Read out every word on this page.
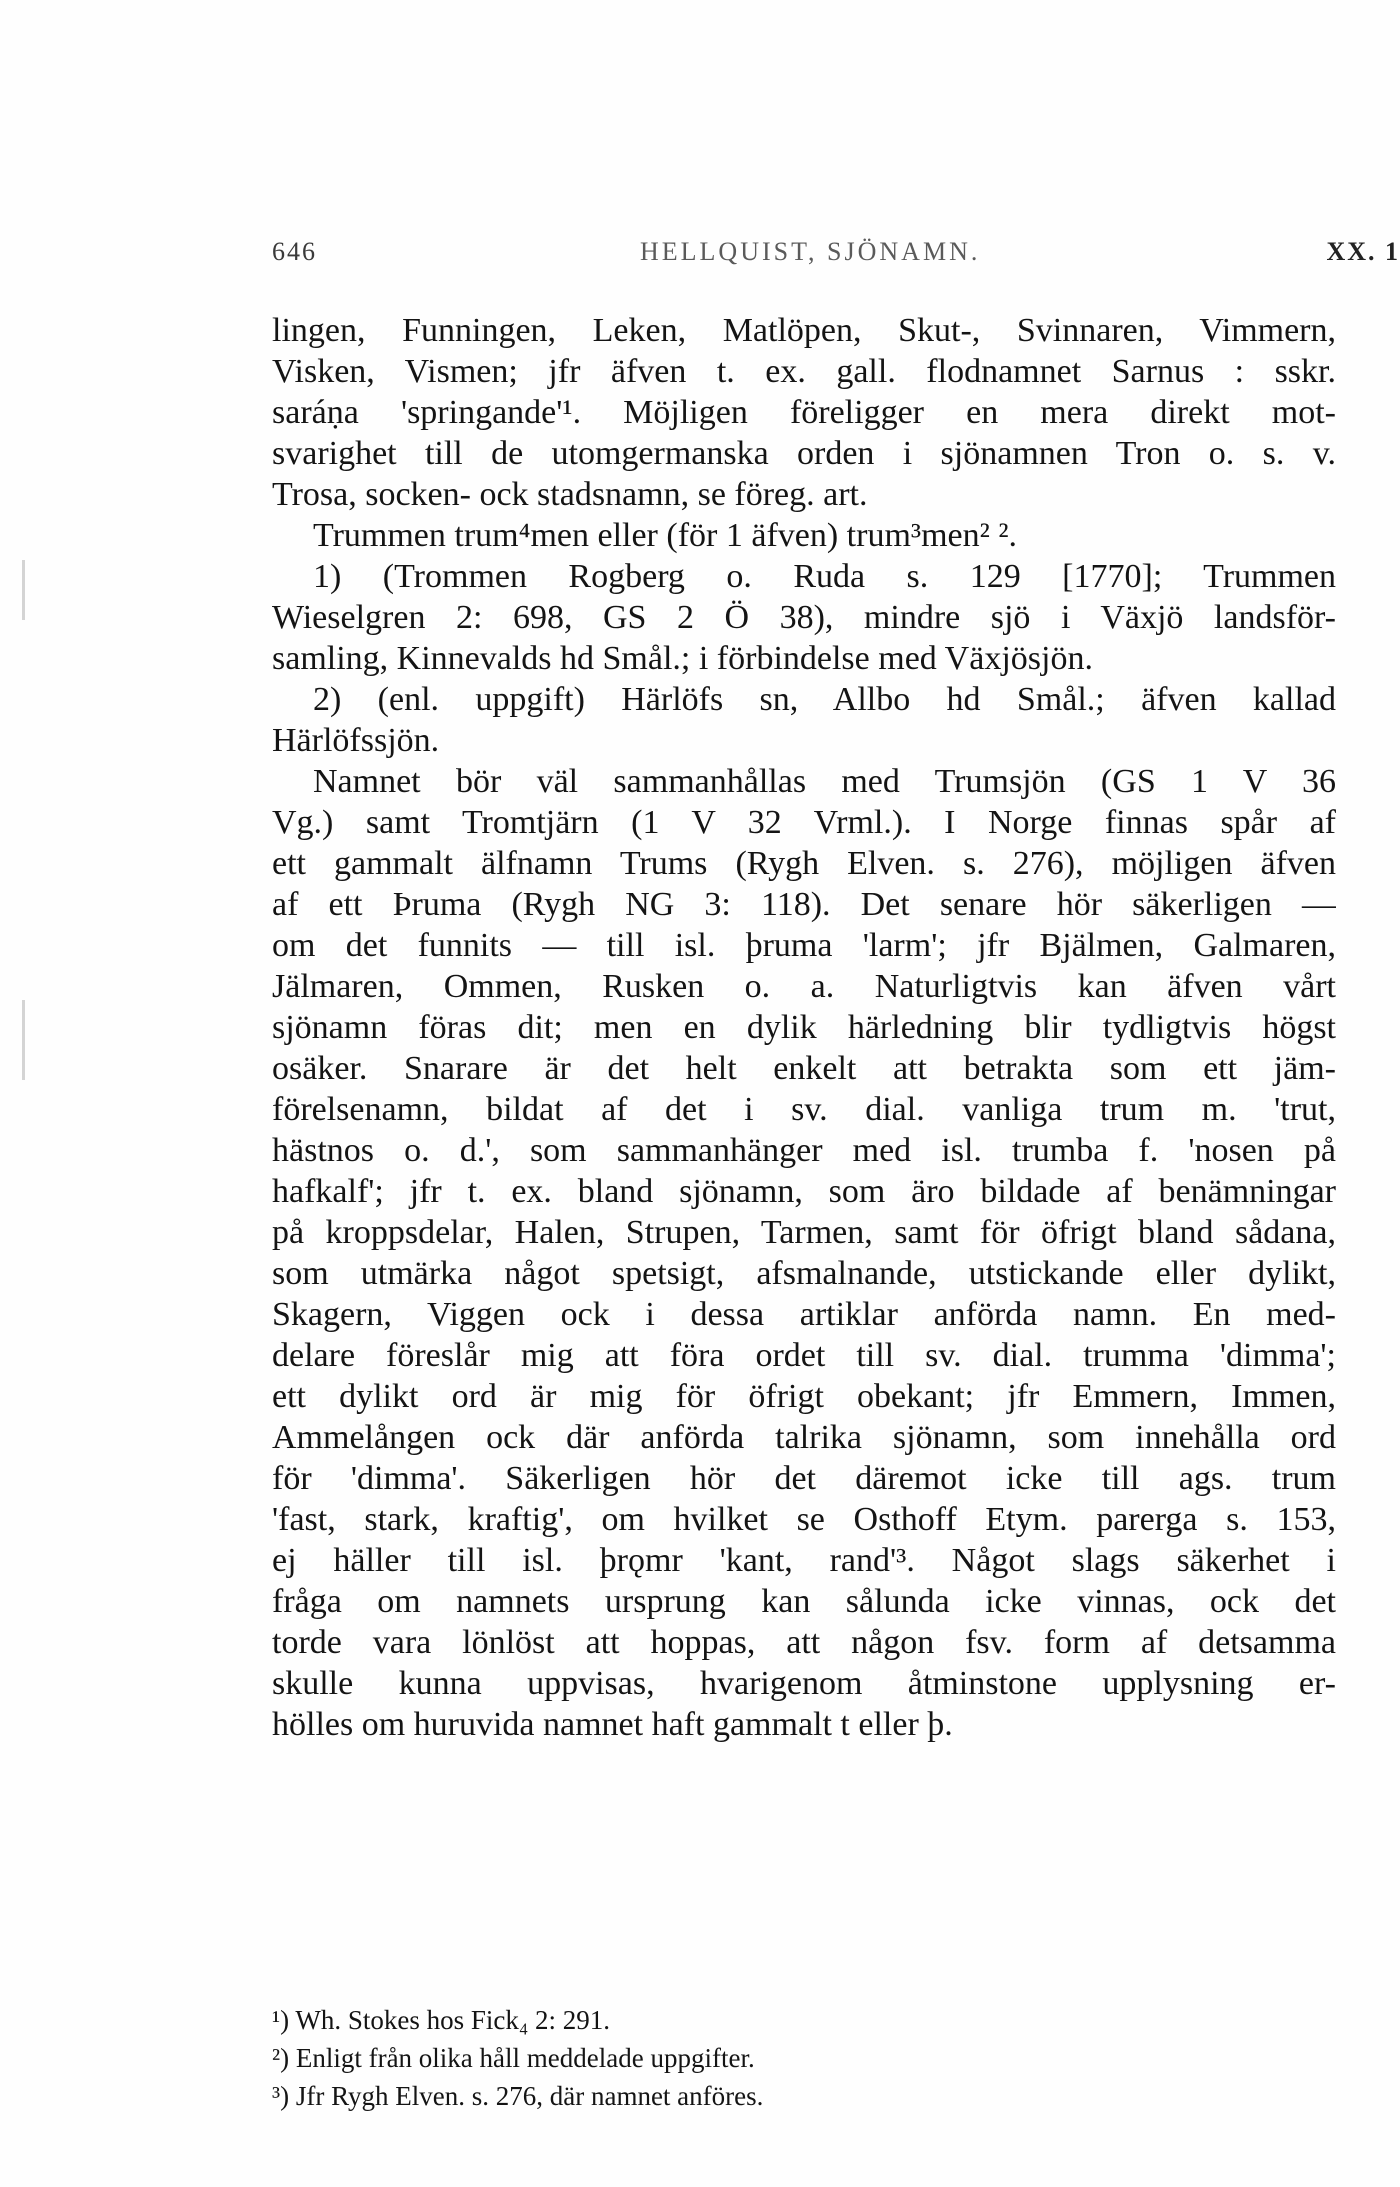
646	HELLQUIST, SJÖNAMN.	XX. 1
lingen, Funningen, Leken, Matlöpen, Skut-, Svinnaren, Vimmern,
Visken, Vismen; jfr äfven t. ex. gall. flodnamnet Sarnus : sskr.
saráṇa 'springande'¹. Möjligen föreligger en mera direkt mot-
svarighet till de utomgermanska orden i sjönamnen Tron o. s. v.
Trosa, socken- ock stadsnamn, se föreg. art.
Trummen trum⁴men eller (för 1 äfven) trum³men² ².
1) (Trommen Rogberg o. Ruda s. 129 [1770]; Trummen
Wieselgren 2: 698, GS 2 Ö 38), mindre sjö i Växjö landsför-
samling, Kinnevalds hd Smål.; i förbindelse med Växjösjön.
2) (enl. uppgift) Härlöfs sn, Allbo hd Smål.; äfven kallad
Härlöfssjön.
Namnet bör väl sammanhållas med Trumsjön (GS 1 V 36
Vg.) samt Tromtjärn (1 V 32 Vrml.). I Norge finnas spår af
ett gammalt älfnamn Trums (Rygh Elven. s. 276), möjligen äfven
af ett Þruma (Rygh NG 3: 118). Det senare hör säkerligen —
om det funnits — till isl. þruma 'larm'; jfr Bjälmen, Galmaren,
Jälmaren, Ommen, Rusken o. a. Naturligtvis kan äfven vårt
sjönamn föras dit; men en dylik härledning blir tydligtvis högst
osäker. Snarare är det helt enkelt att betrakta som ett jäm-
förelsenamn, bildat af det i sv. dial. vanliga trum m. 'trut,
hästnos o. d.', som sammanhänger med isl. trumba f. 'nosen på
hafkalf'; jfr t. ex. bland sjönamn, som äro bildade af benämningar
på kroppsdelar, Halen, Strupen, Tarmen, samt för öfrigt bland sådana,
som utmärka något spetsigt, afsmalnande, utstickande eller dylikt,
Skagern, Viggen ock i dessa artiklar anförda namn. En med-
delare föreslår mig att föra ordet till sv. dial. trumma 'dimma';
ett dylikt ord är mig för öfrigt obekant; jfr Emmern, Immen,
Ammelången ock där anförda talrika sjönamn, som innehålla ord
för 'dimma'. Säkerligen hör det däremot icke till ags. trum
'fast, stark, kraftig', om hvilket se Osthoff Etym. parerga s. 153,
ej häller till isl. þrǫmr 'kant, rand'³. Något slags säkerhet i
fråga om namnets ursprung kan sålunda icke vinnas, ock det
torde vara lönlöst att hoppas, att någon fsv. form af detsamma
skulle kunna uppvisas, hvarigenom åtminstone upplysning er-
hölles om huruvida namnet haft gammalt t eller þ.
¹) Wh. Stokes hos Fick₄ 2: 291.
²) Enligt från olika håll meddelade uppgifter.
³) Jfr Rygh Elven. s. 276, där namnet anföres.
